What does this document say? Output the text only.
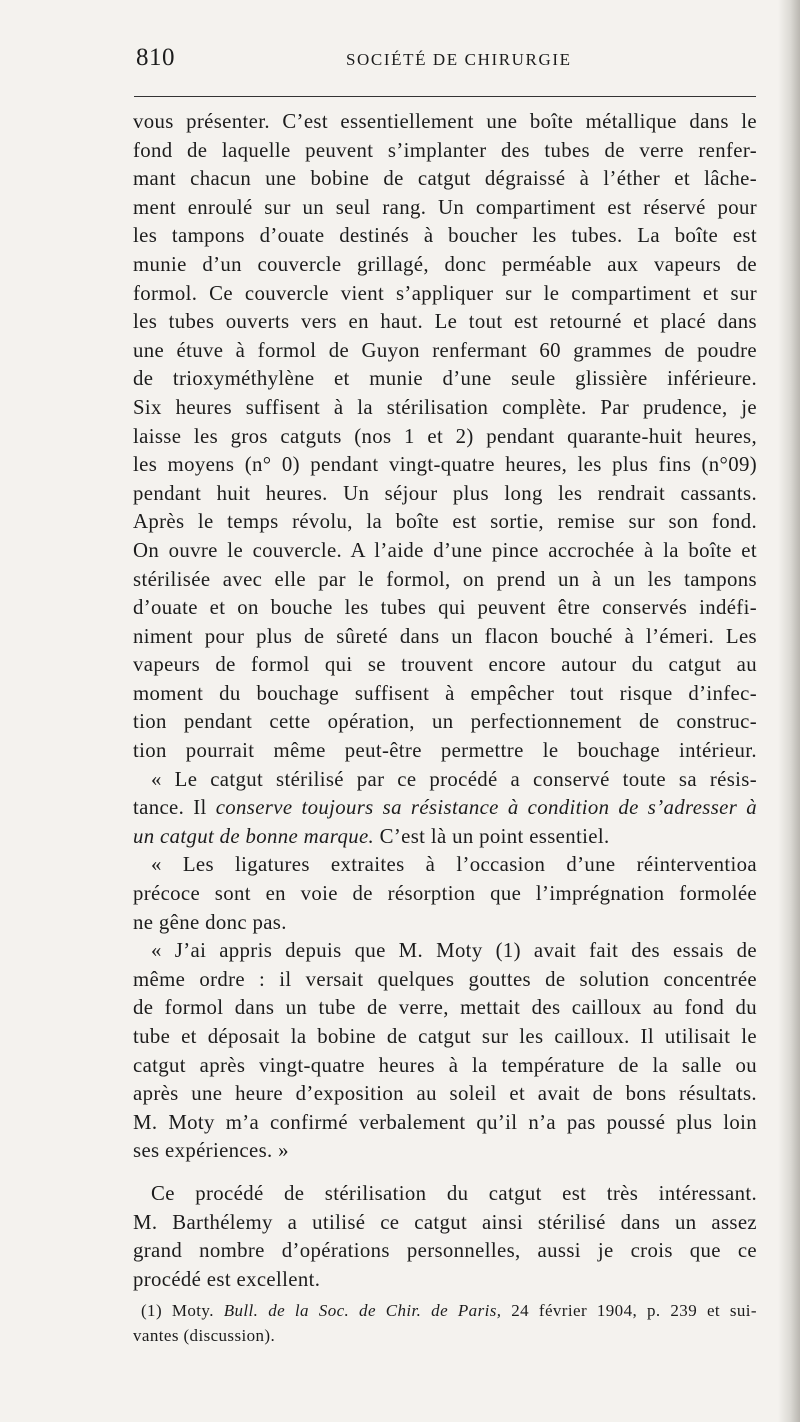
810	SOCIÉTÉ DE CHIRURGIE
vous présenter. C’est essentiellement une boîte métallique dans le
fond de laquelle peuvent s’implanter des tubes de verre renfer-
mant chacun une bobine de catgut dégraissé à l’éther et lâche-
ment enroulé sur un seul rang. Un compartiment est réservé pour
les tampons d’ouate destinés à boucher les tubes. La boîte est
munie d’un couvercle grillagé, donc perméable aux vapeurs de
formol. Ce couvercle vient s’appliquer sur le compartiment et sur
les tubes ouverts vers en haut. Le tout est retourné et placé dans
une étuve à formol de Guyon renfermant 60 grammes de poudre
de trioxyméthylène et munie d’une seule glissière inférieure.
Six heures suffisent à la stérilisation complète. Par prudence, je
laisse les gros catguts (nos 1 et 2) pendant quarante-huit heures,
les moyens (n° 0) pendant vingt-quatre heures, les plus fins (n°09)
pendant huit heures. Un séjour plus long les rendrait cassants.
Après le temps révolu, la boîte est sortie, remise sur son fond.
On ouvre le couvercle. A l’aide d’une pince accrochée à la boîte et
stérilisée avec elle par le formol, on prend un à un les tampons
d’ouate et on bouche les tubes qui peuvent être conservés indéfi-
niment pour plus de sûreté dans un flacon bouché à l’émeri. Les
vapeurs de formol qui se trouvent encore autour du catgut au
moment du bouchage suffisent à empêcher tout risque d’infec-
tion pendant cette opération, un perfectionnement de construc-
tion pourrait même peut-être permettre le bouchage intérieur.
« Le catgut stérilisé par ce procédé a conservé toute sa résis-
tance. Il conserve toujours sa résistance à condition de s’adresser à
un catgut de bonne marque. C’est là un point essentiel.
« Les ligatures extraites à l’occasion d’une réinterventioa
précoce sont en voie de résorption que l’imprégnation formolée
ne gêne donc pas.
« J’ai appris depuis que M. Moty (1) avait fait des essais de
même ordre : il versait quelques gouttes de solution concentrée
de formol dans un tube de verre, mettait des cailloux au fond du
tube et déposait la bobine de catgut sur les cailloux. Il utilisait le
catgut après vingt-quatre heures à la température de la salle ou
après une heure d’exposition au soleil et avait de bons résultats.
M. Moty m’a confirmé verbalement qu’il n’a pas poussé plus loin
ses expériences. »
Ce procédé de stérilisation du catgut est très intéressant.
M. Barthélemy a utilisé ce catgut ainsi stérilisé dans un assez
grand nombre d’opérations personnelles, aussi je crois que ce
procédé est excellent.
(1) Moty. Bull. de la Soc. de Chir. de Paris, 24 février 1904, p. 239 et sui-
vantes (discussion).
